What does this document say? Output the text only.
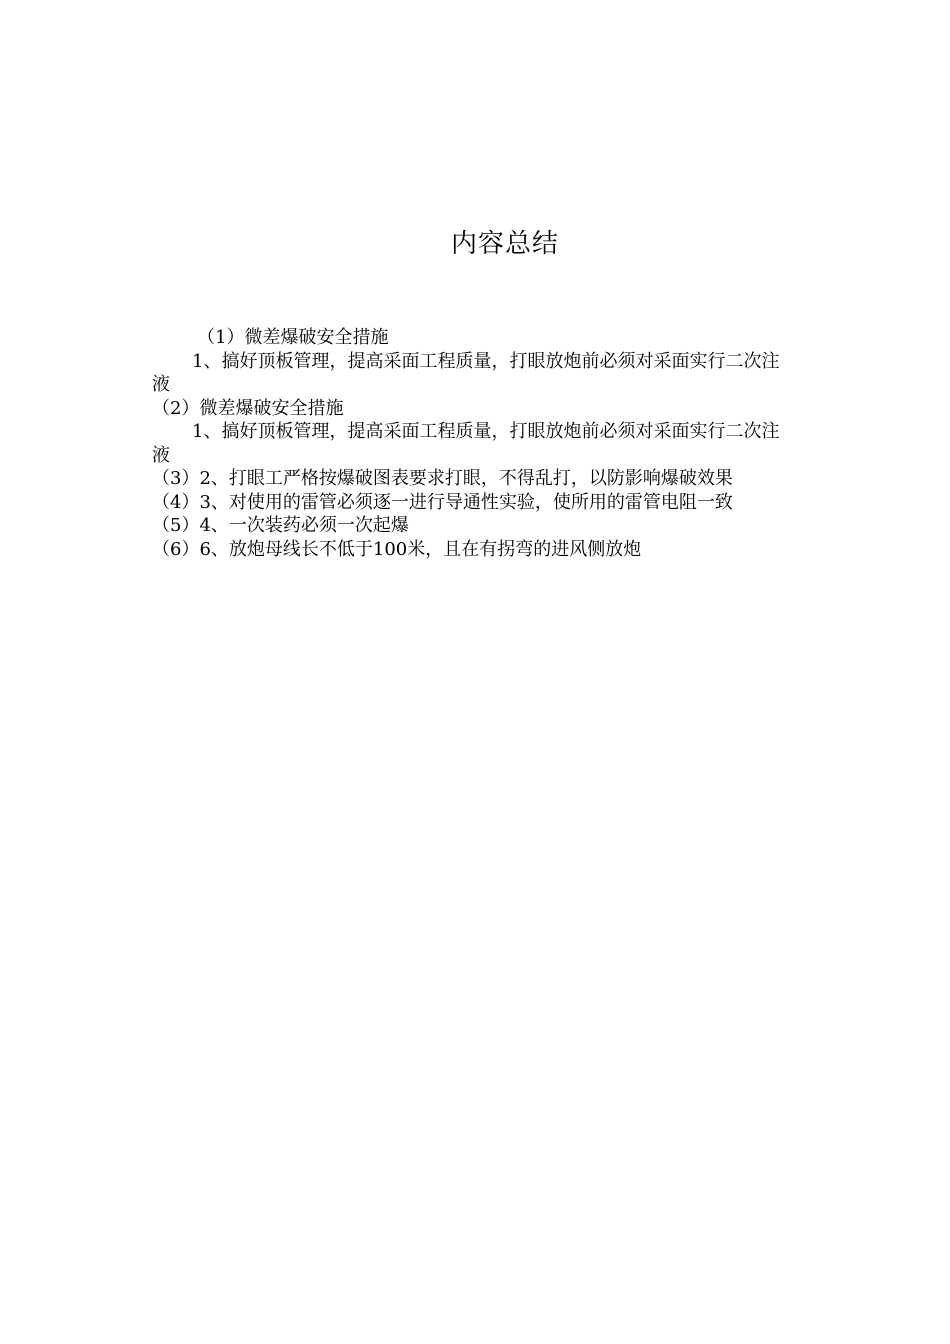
内容总结

（1）微差爆破安全措施

1、搞好顶板管理，提高采面工程质量，打眼放炮前必须对采面实行二次注液

（2）微差爆破安全措施

1、搞好顶板管理，提高采面工程质量，打眼放炮前必须对采面实行二次注液

（3）2、打眼工严格按爆破图表要求打眼，不得乱打，以防影响爆破效果

（4）3、对使用的雷管必须逐一进行导通性实验，使所用的雷管电阻一致

（5）4、一次装药必须一次起爆

（6）6、放炮母线长不低于100米，且在有拐弯的进风侧放炮
